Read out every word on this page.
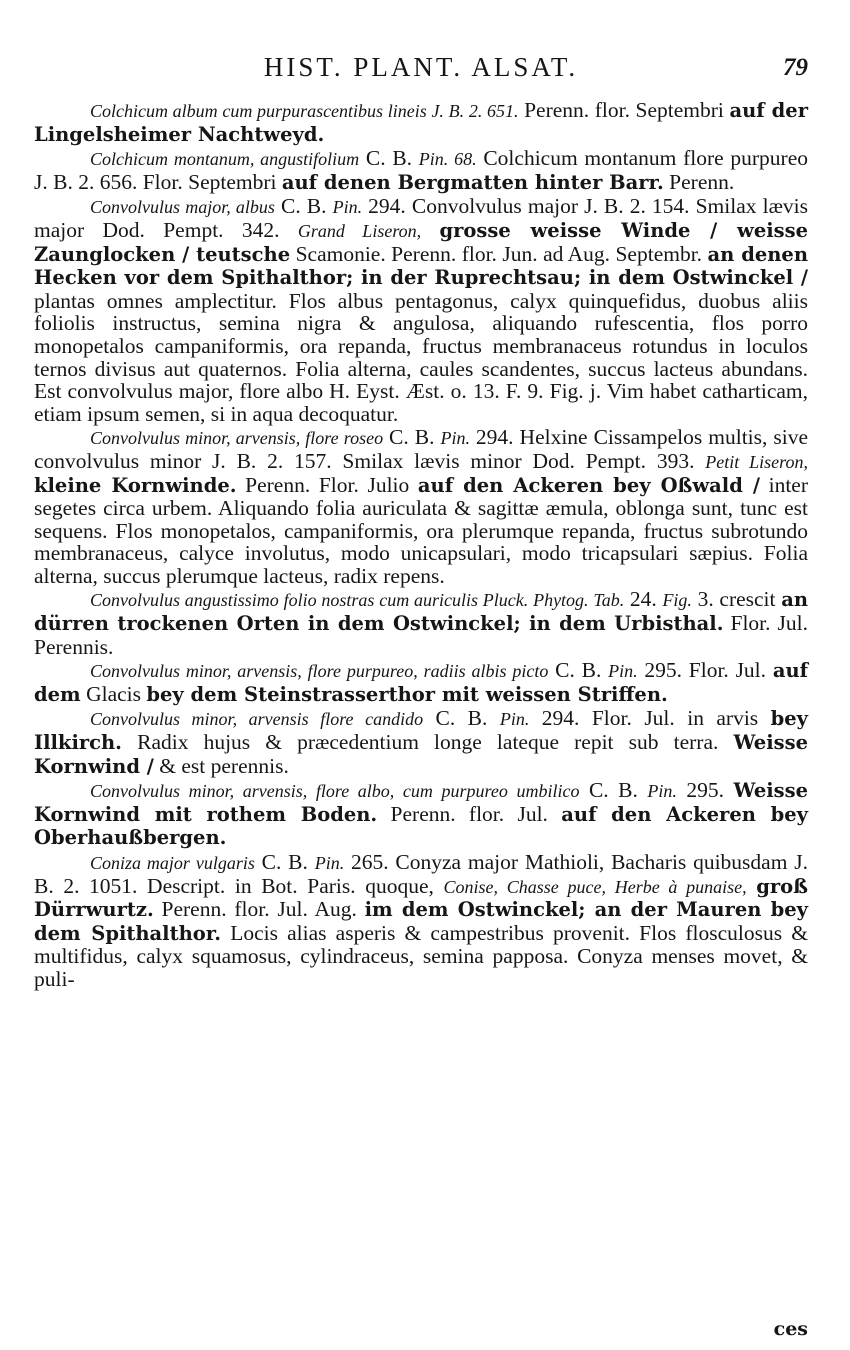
HIST. PLANT. ALSAT.	79

Colchicum album cum purpurascentibus lineis J. B. 2. 651. Perenn. flor. Septembri auf der Lingelsheimer Nachtweyd.

Colchicum montanum, angustifolium C. B. Pin. 68. Colchicum montanum flore purpureo J. B. 2. 656. Flor. Septembri auf denen Bergmatten hinter Barr. Perenn.

Convolvulus major, albus C. B. Pin. 294. Convolvulus major J. B. 2. 154. Smilax lævis major Dod. Pempt. 342. Grand Liseron, grosse weisse Winde / weisse Zaunglocken / teutsche Scamonie. Perenn. flor. Jun. ad Aug. Septembr. an denen Hecken vor dem Spithalthor; in der Ruprechtsau; in dem Ostwinckel / plantas omnes amplectitur. Flos albus pentagonus, calyx quinquefidus, duobus aliis foliolis instructus, semina nigra & angulosa, aliquando rufescentia, flos porro monopetalos campaniformis, ora repanda, fructus membranaceus rotundus in loculos ternos divisus aut quaternos. Folia alterna, caules scandentes, succus lacteus abundans. Est convolvulus major, flore albo H. Eyst. Æst. o. 13. F. 9. Fig. j. Vim habet catharticam, etiam ipsum semen, si in aqua decoquatur.

Convolvulus minor, arvensis, flore roseo C. B. Pin. 294. Helxine Cissampelos multis, sive convolvulus minor J. B. 2. 157. Smilax lævis minor Dod. Pempt. 393. Petit Liseron, kleine Kornwinde. Perenn. Flor. Julio auf den Ackeren bey Oßwald / inter segetes circa urbem. Aliquando folia auriculata & sagittæ æmula, oblonga sunt, tunc est sequens. Flos monopetalos, campaniformis, ora plerumque repanda, fructus subrotundo membranaceus, calyce involutus, modo unicapsulari, modo tricapsulari sæpius. Folia alterna, succus plerumque lacteus, radix repens.

Convolvulus angustissimo folio nostras cum auriculis Pluck. Phytog. Tab. 24. Fig. 3. crescit an dürren trockenen Orten in dem Ostwinckel; in dem Urbisthal. Flor. Jul. Perennis.

Convolvulus minor, arvensis, flore purpureo, radiis albis picto C. B. Pin. 295. Flor. Jul. auf dem Glacis bey dem Steinstrasserthor mit weissen Striffen.

Convolvulus minor, arvensis flore candido C. B. Pin. 294. Flor. Jul. in arvis bey Illkirch. Radix hujus & præcedentium longe lateque repit sub terra. Weisse Kornwind / & est perennis.

Convolvulus minor, arvensis, flore albo, cum purpureo umbilico C. B. Pin. 295. Weisse Kornwind mit rothem Boden. Perenn. flor. Jul. auf den Ackeren bey Oberhaußbergen.

Coniza major vulgaris C. B. Pin. 265. Conyza major Mathioli, Bacharis quibusdam J. B. 2. 1051. Descript. in Bot. Paris. quoque, Conise, Chasse puce, Herbe à punaise, groß Dürrwurtz. Perenn. flor. Jul. Aug. im dem Ostwinckel; an der Mauren bey dem Spithalthor. Locis alias asperis & campestribus provenit. Flos flosculosus & multifidus, calyx squamosus, cylindraceus, semina papposa. Conyza menses movet, & puli-

ces
